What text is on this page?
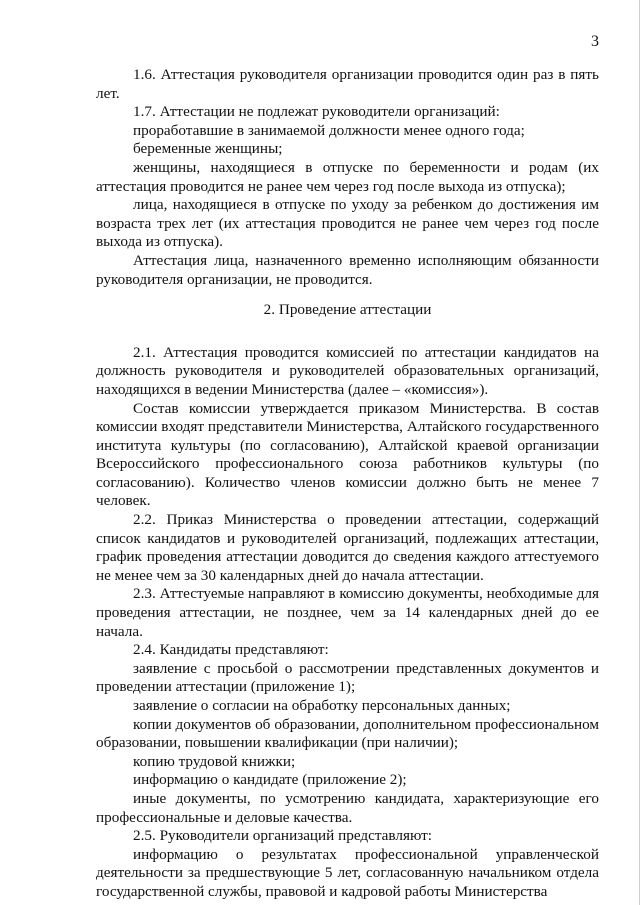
3

1.6. Аттестация руководителя организации проводится один раз в пять лет.

1.7. Аттестации не подлежат руководители организаций:

проработавшие в занимаемой должности менее одного года;

беременные женщины;

женщины, находящиеся в отпуске по беременности и родам (их аттестация проводится не ранее чем через год после выхода из отпуска);

лица, находящиеся в отпуске по уходу за ребенком до достижения им возраста трех лет (их аттестация проводится не ранее чем через год после выхода из отпуска).

Аттестация лица, назначенного временно исполняющим обязанности руководителя организации, не проводится.

2. Проведение аттестации

2.1. Аттестация проводится комиссией по аттестации кандидатов на должность руководителя и руководителей образовательных организаций, находящихся в ведении Министерства (далее – «комиссия»).

Состав комиссии утверждается приказом Министерства. В состав комиссии входят представители Министерства, Алтайского государственного института культуры (по согласованию), Алтайской краевой организации Всероссийского профессионального союза работников культуры (по согласованию). Количество членов комиссии должно быть не менее 7 человек.

2.2. Приказ Министерства о проведении аттестации, содержащий список кандидатов и руководителей организаций, подлежащих аттестации, график проведения аттестации доводится до сведения каждого аттестуемого не менее чем за 30 календарных дней до начала аттестации.

2.3. Аттестуемые направляют в комиссию документы, необходимые для проведения аттестации, не позднее, чем за 14 календарных дней до ее начала.

2.4. Кандидаты представляют:

заявление с просьбой о рассмотрении представленных документов и проведении аттестации (приложение 1);

заявление о согласии на обработку персональных данных;

копии документов об образовании, дополнительном профессиональном образовании, повышении квалификации (при наличии);

копию трудовой книжки;

информацию о кандидате (приложение 2);

иные документы, по усмотрению кандидата, характеризующие его профессиональные и деловые качества.

2.5. Руководители организаций представляют:

информацию о результатах профессиональной управленческой деятельности за предшествующие 5 лет, согласованную начальником отдела государственной службы, правовой и кадровой работы Министерства
